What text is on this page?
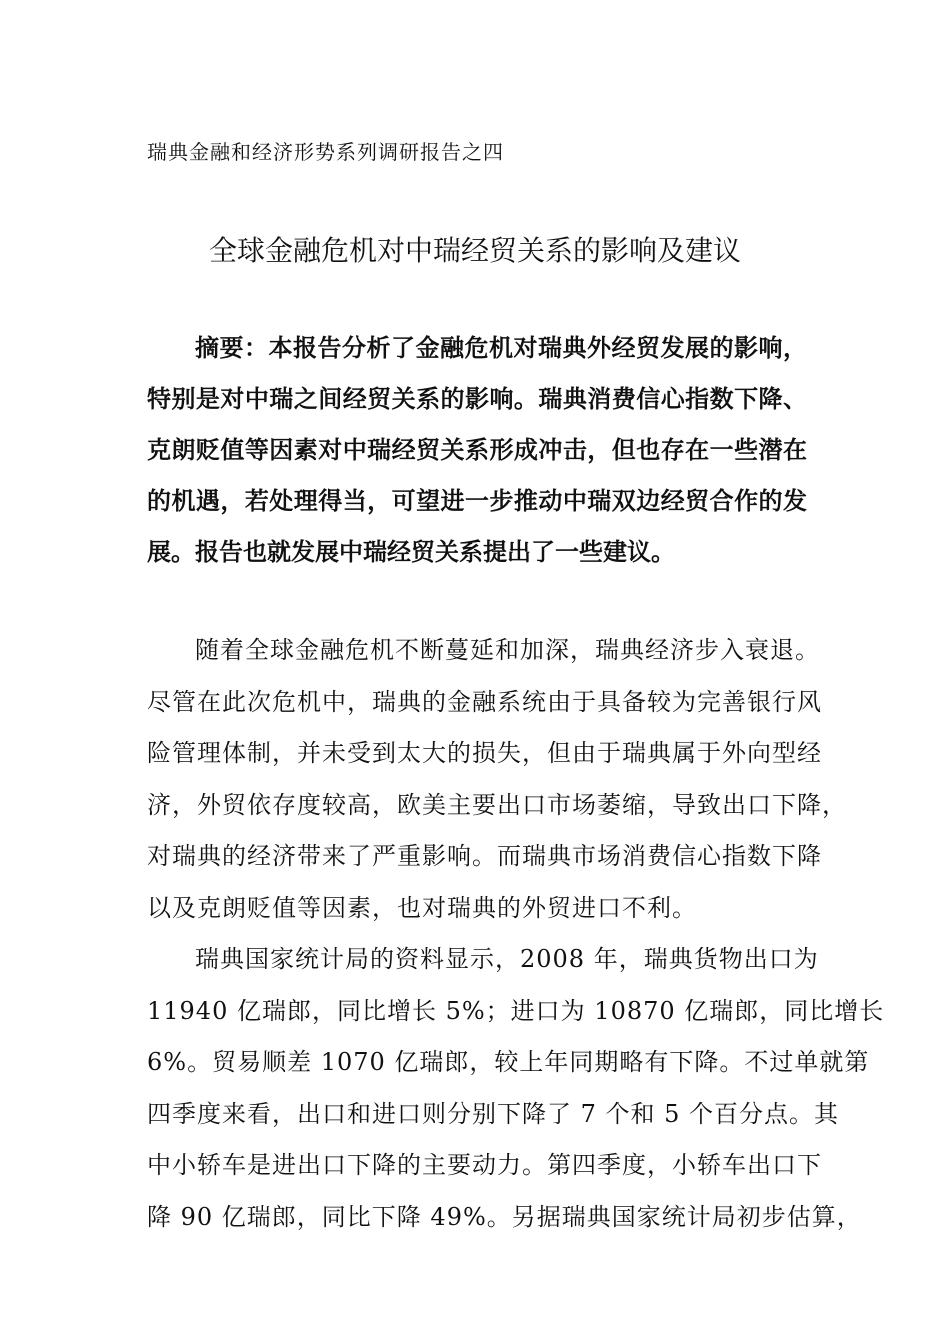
瑞典金融和经济形势系列调研报告之四
全球金融危机对中瑞经贸关系的影响及建议
摘要：本报告分析了金融危机对瑞典外经贸发展的影响，
特别是对中瑞之间经贸关系的影响。瑞典消费信心指数下降、
克朗贬值等因素对中瑞经贸关系形成冲击，但也存在一些潜在
的机遇，若处理得当，可望进一步推动中瑞双边经贸合作的发
展。报告也就发展中瑞经贸关系提出了一些建议。
随着全球金融危机不断蔓延和加深，瑞典经济步入衰退。
尽管在此次危机中，瑞典的金融系统由于具备较为完善银行风
险管理体制，并未受到太大的损失，但由于瑞典属于外向型经
济，外贸依存度较高，欧美主要出口市场萎缩，导致出口下降，
对瑞典的经济带来了严重影响。而瑞典市场消费信心指数下降
以及克朗贬值等因素，也对瑞典的外贸进口不利。
瑞典国家统计局的资料显示，2008 年，瑞典货物出口为
11940 亿瑞郎，同比增长 5%；进口为 10870 亿瑞郎，同比增长
6%。贸易顺差 1070 亿瑞郎，较上年同期略有下降。不过单就第
四季度来看，出口和进口则分别下降了 7 个和 5 个百分点。其
中小轿车是进出口下降的主要动力。第四季度，小轿车出口下
降 90 亿瑞郎，同比下降 49%。另据瑞典国家统计局初步估算，
